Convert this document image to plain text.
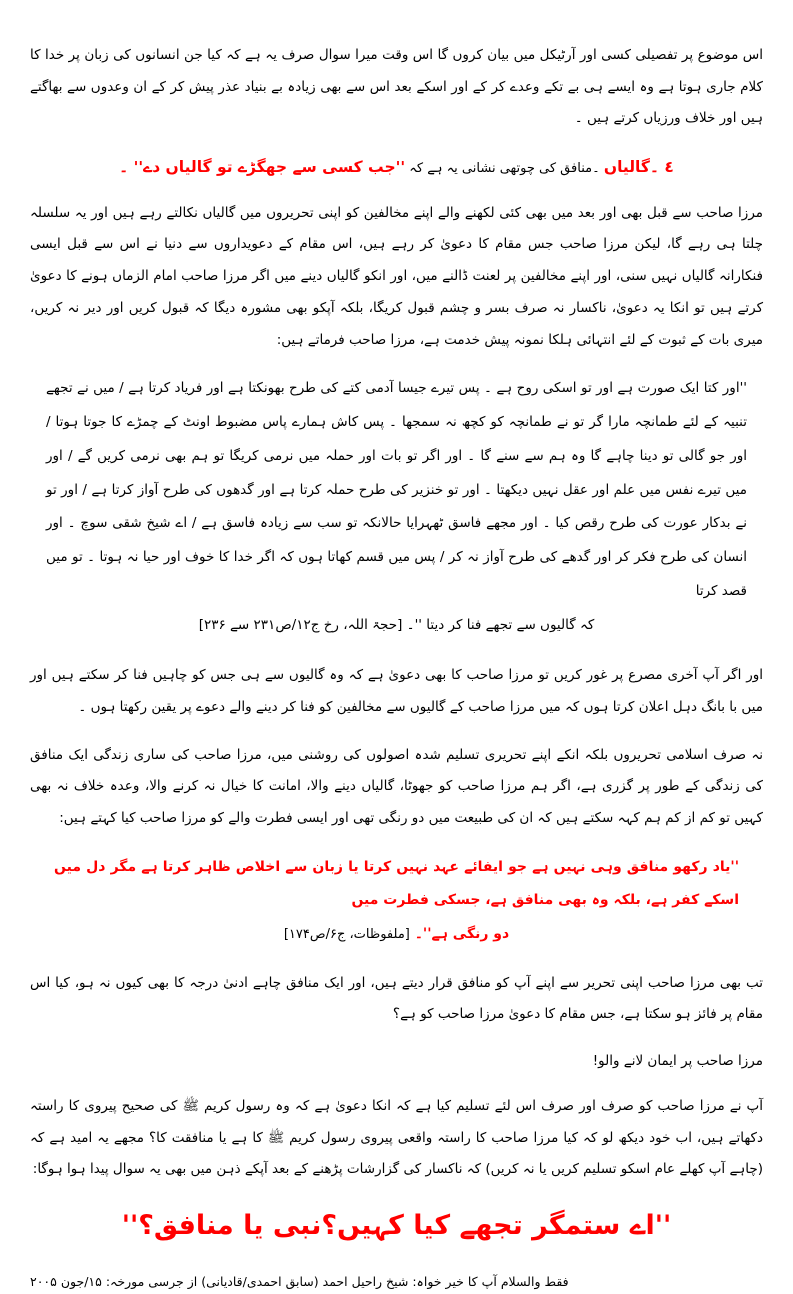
اس موضوع پر تفصیلی کسی اور آرٹیکل میں بیان کروں گا اس وقت میرا سوال صرف یہ ہے کہ کیا جن انسانوں کی زبان پر خدا کا کلام جاری ہوتا ہے وہ ایسے ہی بے تکے وعدے کر کے اور اسکے بعد اس سے بھی زیادہ بے بنیاد عذر پیش کر کے ان وعدوں سے بھاگتے ہیں اور خلاف ورزیاں کرتے ہیں ۔

٤ ۔گالیاں ۔منافق کی چوتھی نشانی یہ ہے کہ ''جب کسی سے جھگڑے تو گالیاں دے'' ۔

مرزا صاحب سے قبل بھی اور بعد میں بھی کئی لکھنے والے اپنے مخالفین کو اپنی تحریروں میں گالیاں نکالتے رہے ہیں اور یہ سلسلہ چلتا ہی رہے گا، لیکن مرزا صاحب جس مقام کا دعویٰ کر رہے ہیں، اس مقام کے دعویداروں سے دنیا نے اس سے قبل ایسی فنکارانہ گالیاں نہیں سنی، اور اپنے مخالفین پر لعنت ڈالنے میں، اور انکو گالیاں دینے میں اگر مرزا صاحب امام الزماں ہونے کا دعویٰ کرتے ہیں تو انکا یہ دعویٰ، ناکسار نہ صرف بسر و چشم قبول کریگا، بلکہ آپکو بھی مشورہ دیگا کہ قبول کریں اور دیر نہ کریں، میری بات کے ثبوت کے لئے انتہائی ہلکا نمونہ پیش خدمت ہے، مرزا صاحب فرماتے ہیں:

''اور کتا ایک صورت ہے اور تو اسکی روح ہے ۔ پس تیرے جیسا آدمی کتے کی طرح بھونکتا ہے اور فریاد کرتا ہے / میں نے تجھے تنبیہ کے لئے طمانچہ مارا گر تو نے طمانچہ کو کچھ نہ سمجھا ۔ پس کاش ہمارے پاس مضبوط اونٹ کے چمڑے کا جوتا ہوتا / اور جو گالی تو دینا چاہے گا وہ ہم سے سنے گا ۔ اور اگر تو بات اور حملہ میں نرمی کریگا تو ہم بھی نرمی کریں گے / اور میں تیرے نفس میں علم اور عقل نہیں دیکھتا ۔ اور تو خنزیر کی طرح حملہ کرتا ہے اور گدھوں کی طرح آواز کرتا ہے / اور تو نے بدکار عورت کی طرح رقص کیا ۔ اور مجھے فاسق ٹھہرایا حالانکہ تو سب سے زیادہ فاسق ہے / اے شیخ شقی سوچ ۔ اور انسان کی طرح فکر کر اور گدھے کی طرح آواز نہ کر / پس میں قسم کھاتا ہوں کہ اگر خدا کا خوف اور حیا نہ ہوتا ۔ تو میں قصد کرتا

کہ گالیوں سے تجھے فنا کر دیتا ''۔ [حجۃ اللہ، رخ ج۱۲/ص۲۳۱ سے ۲۳۶]

اور اگر آپ آخری مصرع پر غور کریں تو مرزا صاحب کا بھی دعویٰ ہے کہ وہ گالیوں سے ہی جس کو چاہیں فنا کر سکتے ہیں اور میں با بانگ دہل اعلان کرتا ہوں کہ میں مرزا صاحب کے گالیوں سے مخالفین کو فنا کر دینے والے دعوے پر یقین رکھتا ہوں ۔

نہ صرف اسلامی تحریروں بلکہ انکے اپنے تحریری تسلیم شدہ اصولوں کی روشنی میں، مرزا صاحب کی ساری زندگی ایک منافق کی زندگی کے طور پر گزری ہے، اگر ہم مرزا صاحب کو جھوٹا، گالیاں دینے والا، امانت کا خیال نہ کرنے والا، وعدہ خلاف نہ بھی کہیں تو کم از کم ہم کہہ سکتے ہیں کہ ان کی طبیعت میں دو رنگی تھی اور ایسی فطرت والے کو مرزا صاحب کیا کہتے ہیں:

''یاد رکھو منافق وہی نہیں ہے جو ایفائے عہد نہیں کرتا یا زبان سے اخلاص ظاہر کرتا ہے مگر دل میں اسکے کفر ہے، بلکہ وہ بھی منافق ہے، جسکی فطرت میں

دو رنگی ہے''۔ [ملفوظات، ج۶/ص۱۷۴]

تب بھی مرزا صاحب اپنی تحریر سے اپنے آپ کو منافق قرار دیتے ہیں، اور ایک منافق چاہے ادنیٰ درجہ کا بھی کیوں نہ ہو، کیا اس مقام پر فائز ہو سکتا ہے، جس مقام کا دعویٰ مرزا صاحب کو ہے؟

مرزا صاحب پر ایمان لانے والو!

آپ نے مرزا صاحب کو صرف اور صرف اس لئے تسلیم کیا ہے کہ انکا دعویٰ ہے کہ وہ رسول کریم ﷺ کی صحیح پیروی کا راستہ دکھاتے ہیں، اب خود دیکھ لو کہ کیا مرزا صاحب کا راستہ واقعی پیروی رسول کریم ﷺ کا ہے یا منافقت کا؟ مجھے یہ امید ہے کہ (چاہے آپ کھلے عام اسکو تسلیم کریں یا نہ کریں) کہ ناکسار کی گزارشات پڑھنے کے بعد آپکے ذہن میں بھی یہ سوال پیدا ہوا ہوگا:

''اے ستمگر تجھے کیا کہیں؟نبی یا منافق؟''

فقط والسلام آپ کا خیر خواہ: شیخ راحیل احمد (سابق احمدی/قادیانی) از جرسی مورخہ: ۱۵/جون ۲۰۰۵
